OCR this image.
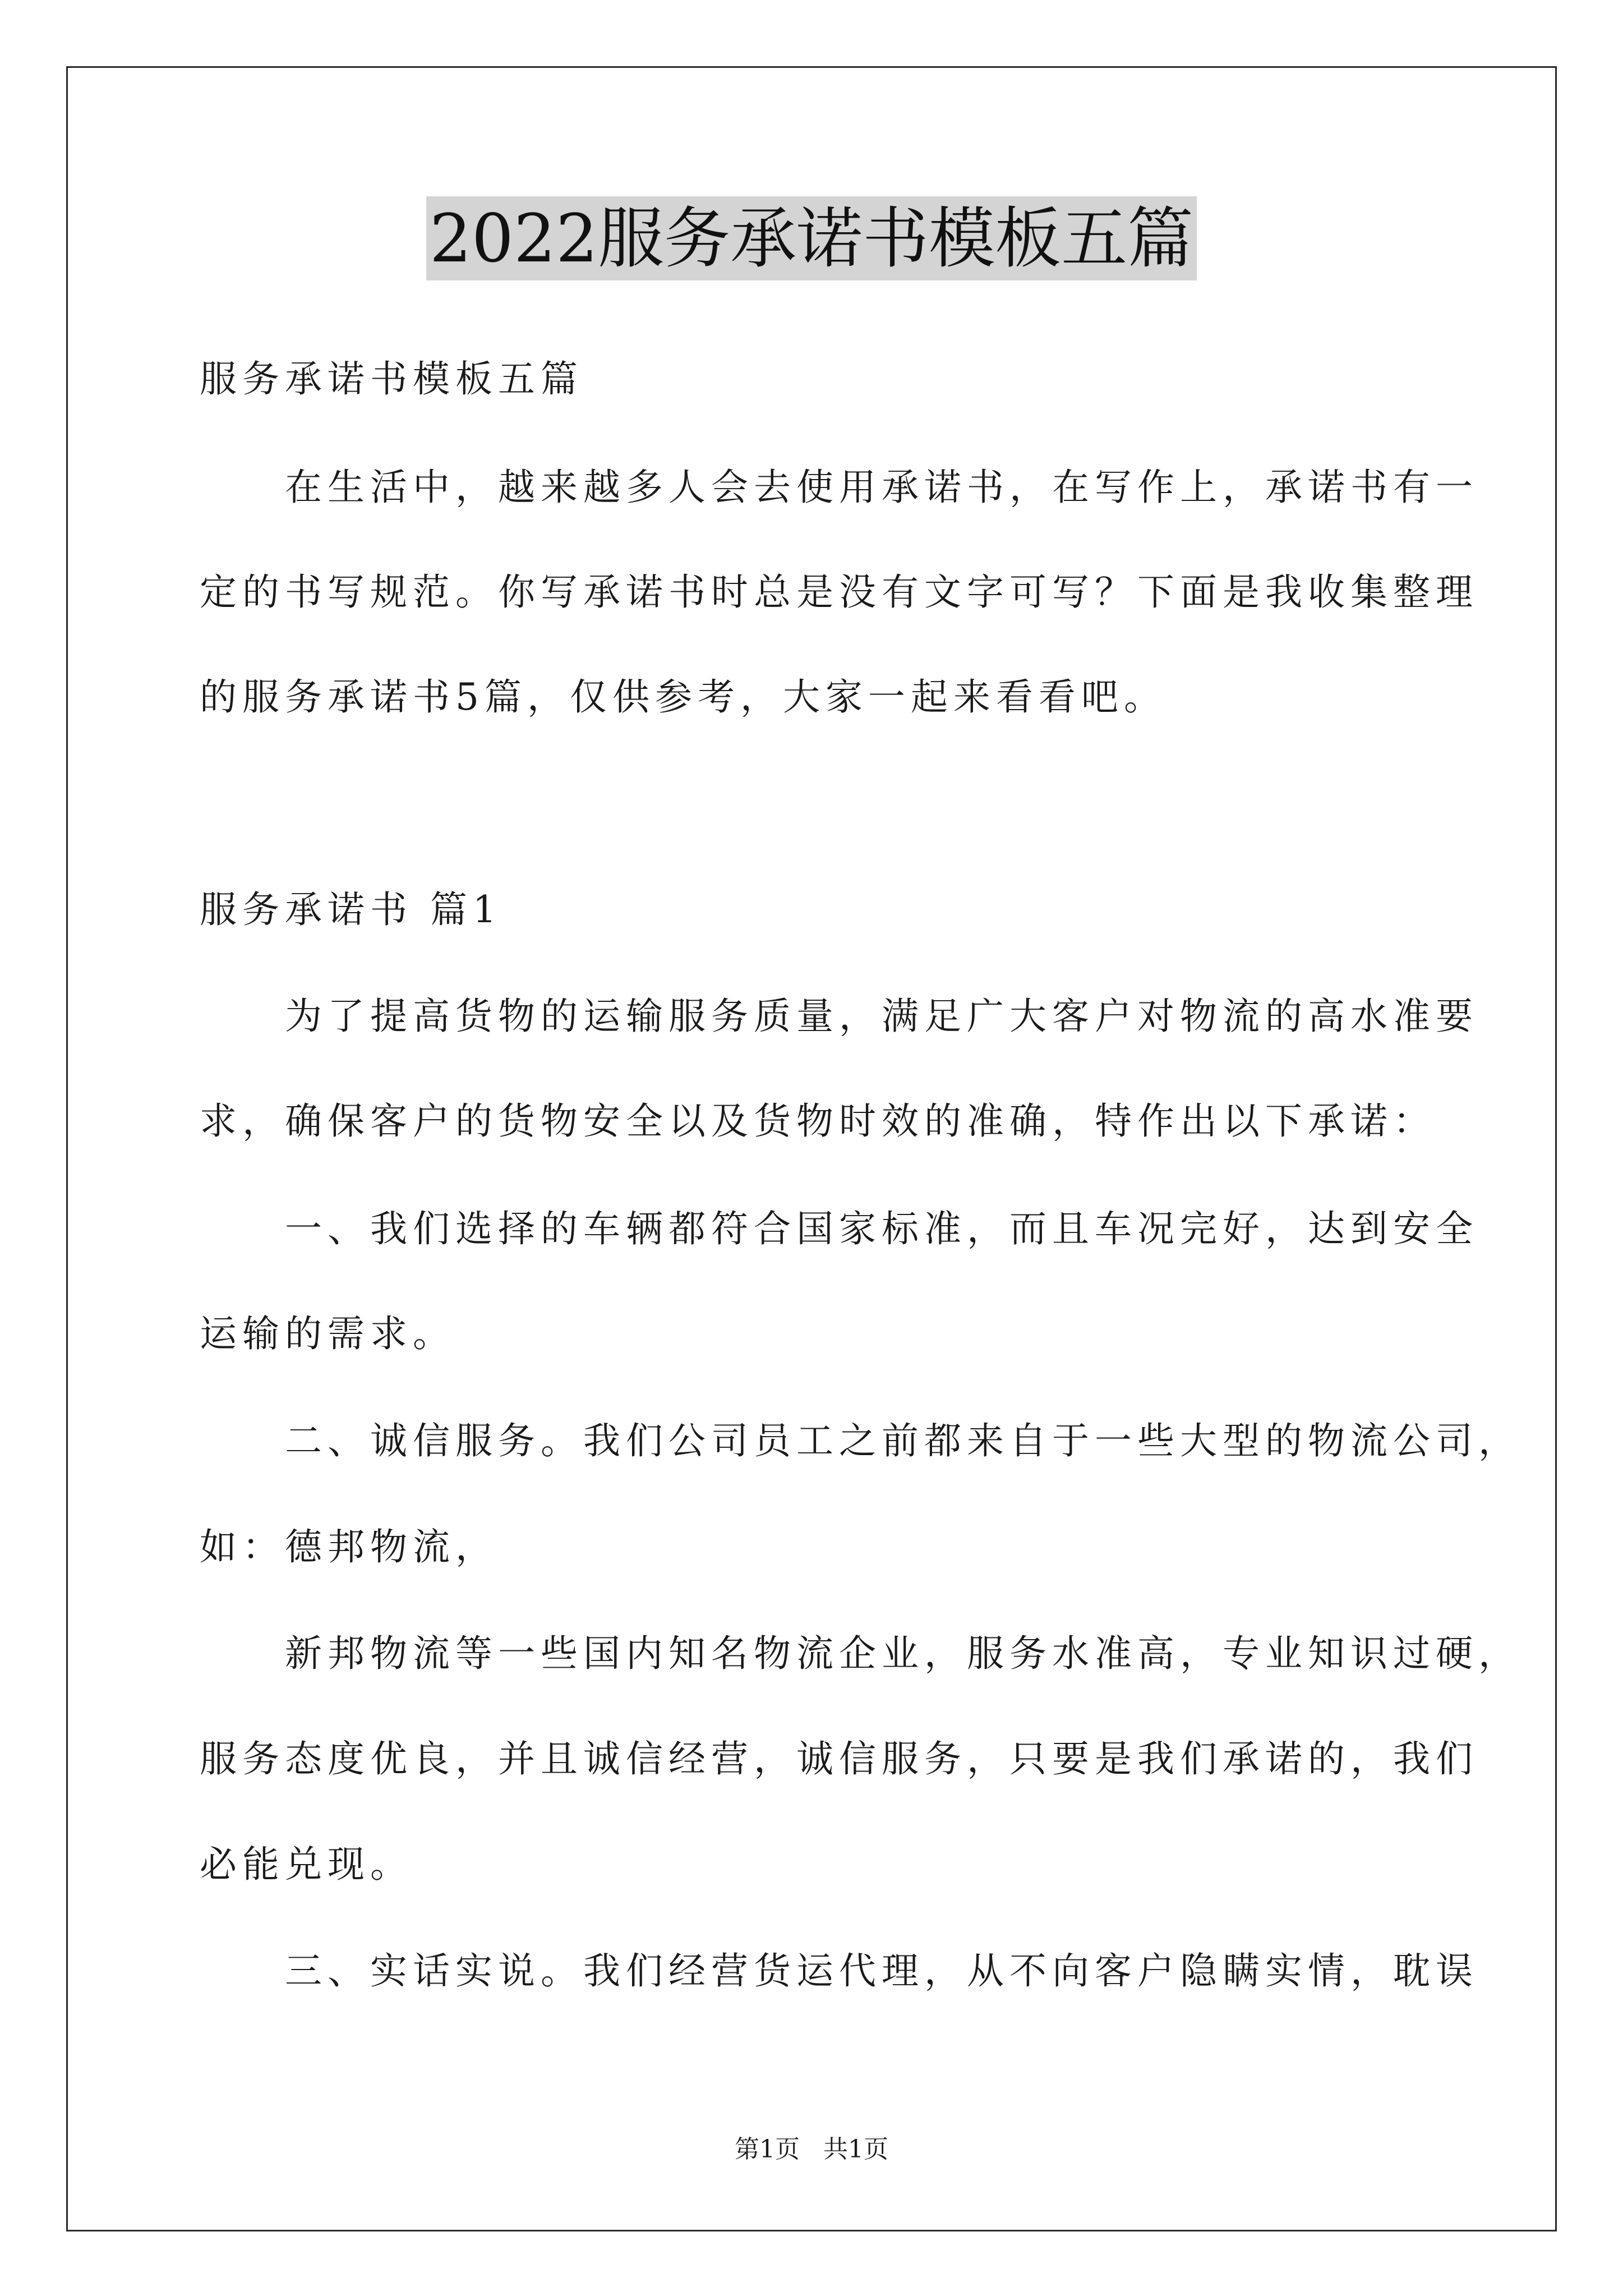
2022服务承诺书模板五篇

服务承诺书模板五篇

　　在生活中，越来越多人会去使用承诺书，在写作上，承诺书有一

定的书写规范。你写承诺书时总是没有文字可写？下面是我收集整理

的服务承诺书5篇，仅供参考，大家一起来看看吧。

服务承诺书 篇1

　　为了提高货物的运输服务质量，满足广大客户对物流的高水准要

求，确保客户的货物安全以及货物时效的准确，特作出以下承诺：

　　一、我们选择的车辆都符合国家标准，而且车况完好，达到安全

运输的需求。

　　二、诚信服务。我们公司员工之前都来自于一些大型的物流公司，

如：德邦物流，

　　新邦物流等一些国内知名物流企业，服务水准高，专业知识过硬，

服务态度优良，并且诚信经营，诚信服务，只要是我们承诺的，我们

必能兑现。

　　三、实话实说。我们经营货运代理，从不向客户隐瞒实情，耽误

第1页 共1页
